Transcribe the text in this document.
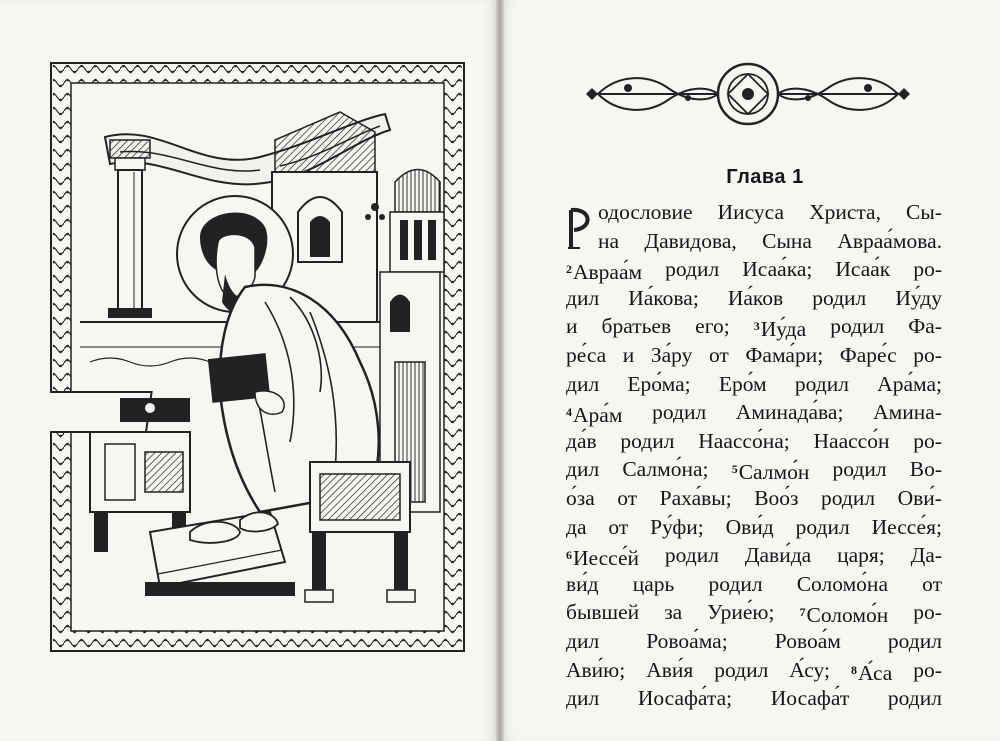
Глава 1
одословие Иисуса Христа, Сы-
на Давидова, Сына Авраа́мова.
$^2$Авраа́м родил Исаа́ка; Исаа́к ро-
дил Иа́кова; Иа́ков родил Иу́ду
и братьев его; $^3$Иу́да родил Фа-
ре́са и За́ру от Фама́ри; Фаре́с ро-
дил Еро́ма; Еро́м родил Ара́ма;
$^4$Ара́м родил Аминада́ва; Амина-
да́в родил Наассо́на; Наассо́н ро-
дил Салмо́на; $^5$Салмо́н родил Во-
о́за от Раха́вы; Воо́з родил Ови́-
да от Ру́фи; Ови́д родил Иессе́я;
$^6$Иессе́й родил Дави́да царя; Да-
ви́д царь родил Соломо́на от
бывшей за Урие́ю; $^7$Соломо́н ро-
дил Ровоа́ма; Ровоа́м родил
Ави́ю; Ави́я родил А́су; $^8$А́са ро-
дил Иосафа́та; Иосафа́т родил
